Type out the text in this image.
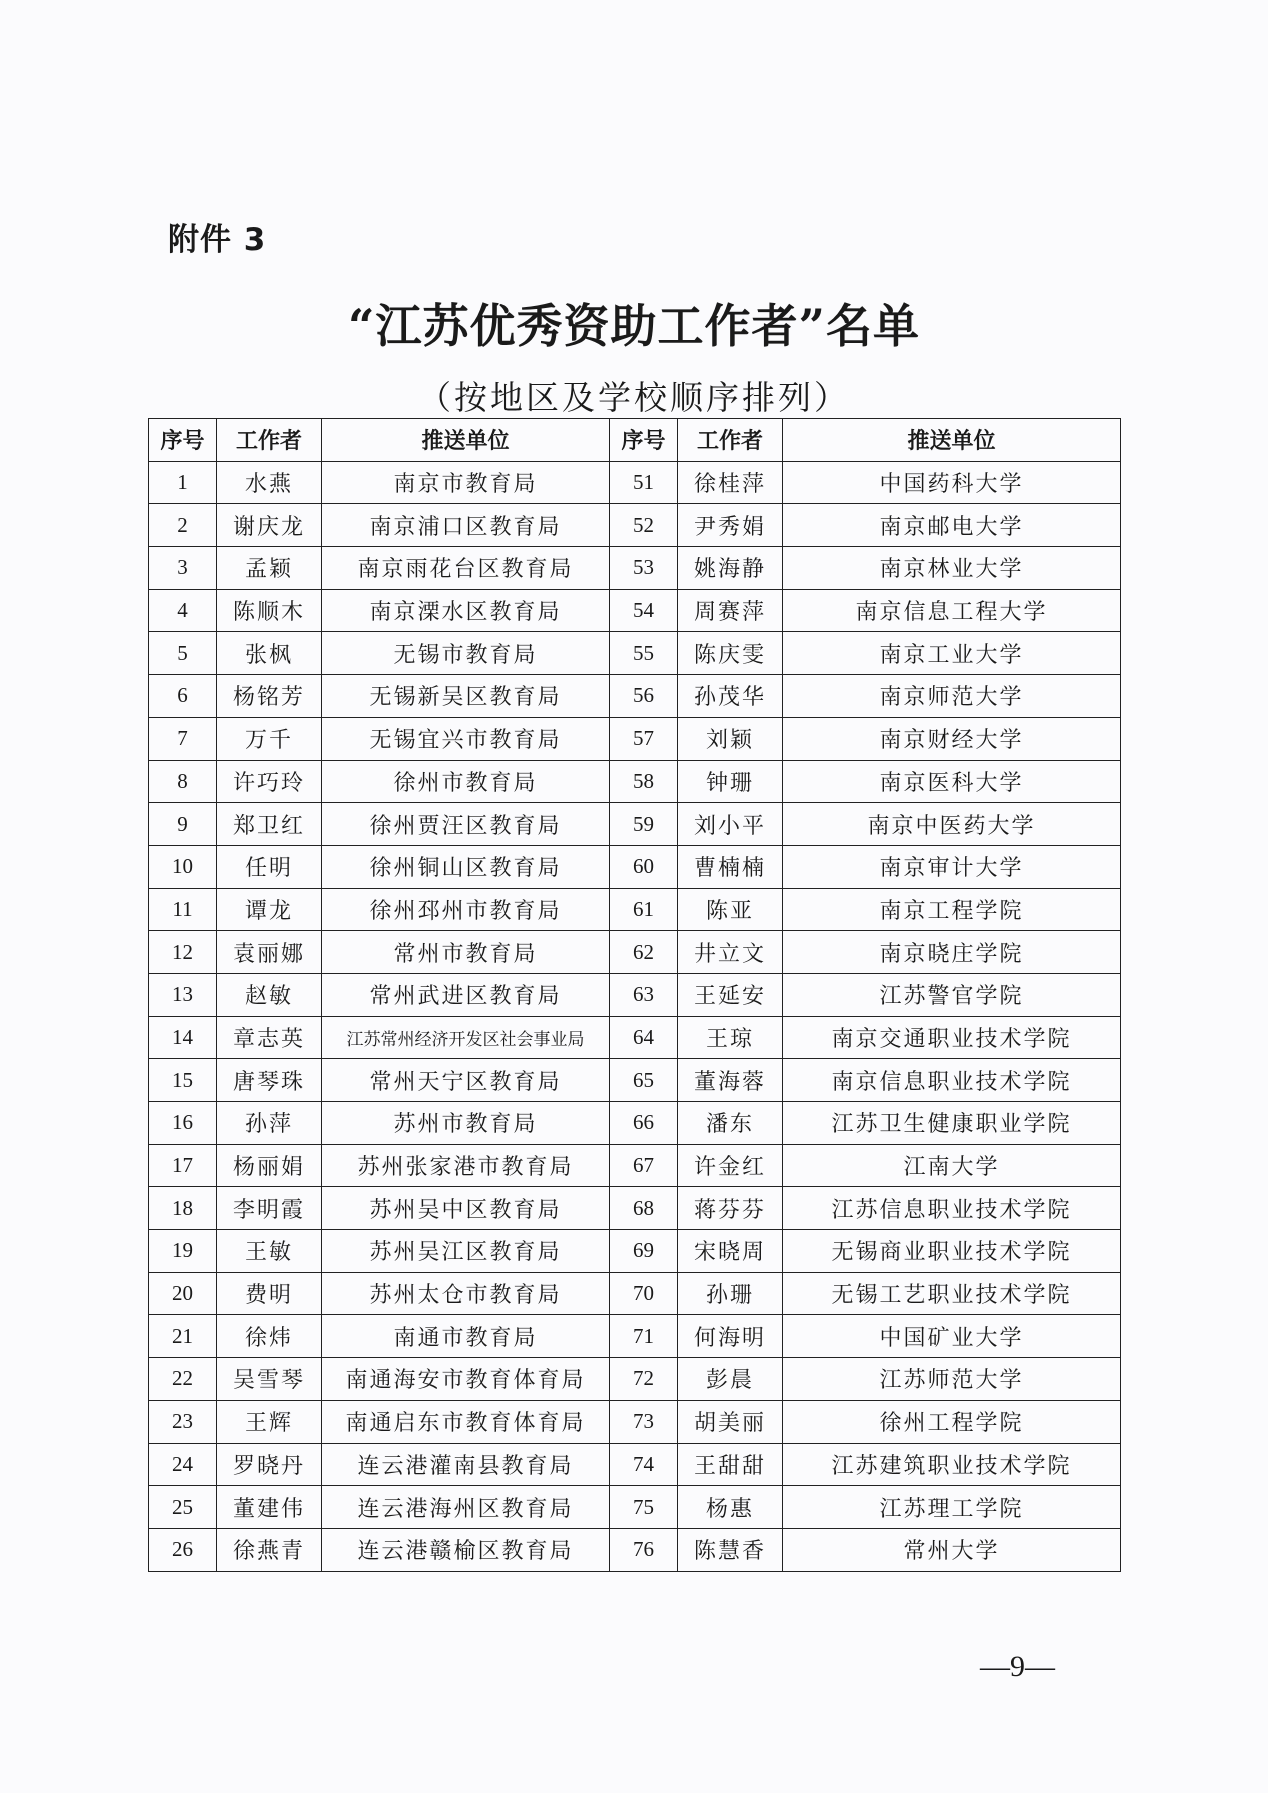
附件 3
“江苏优秀资助工作者”名单
（按地区及学校顺序排列）
序号	工作者	推送单位	序号	工作者	推送单位
1	水燕	南京市教育局	51	徐桂萍	中国药科大学
2	谢庆龙	南京浦口区教育局	52	尹秀娟	南京邮电大学
3	孟颖	南京雨花台区教育局	53	姚海静	南京林业大学
4	陈顺木	南京溧水区教育局	54	周赛萍	南京信息工程大学
5	张枫	无锡市教育局	55	陈庆雯	南京工业大学
6	杨铭芳	无锡新吴区教育局	56	孙茂华	南京师范大学
7	万千	无锡宜兴市教育局	57	刘颖	南京财经大学
8	许巧玲	徐州市教育局	58	钟珊	南京医科大学
9	郑卫红	徐州贾汪区教育局	59	刘小平	南京中医药大学
10	任明	徐州铜山区教育局	60	曹楠楠	南京审计大学
11	谭龙	徐州邳州市教育局	61	陈亚	南京工程学院
12	袁丽娜	常州市教育局	62	井立文	南京晓庄学院
13	赵敏	常州武进区教育局	63	王延安	江苏警官学院
14	章志英	江苏常州经济开发区社会事业局	64	王琼	南京交通职业技术学院
15	唐琴珠	常州天宁区教育局	65	董海蓉	南京信息职业技术学院
16	孙萍	苏州市教育局	66	潘东	江苏卫生健康职业学院
17	杨丽娟	苏州张家港市教育局	67	许金红	江南大学
18	李明霞	苏州吴中区教育局	68	蒋芬芬	江苏信息职业技术学院
19	王敏	苏州吴江区教育局	69	宋晓周	无锡商业职业技术学院
20	费明	苏州太仓市教育局	70	孙珊	无锡工艺职业技术学院
21	徐炜	南通市教育局	71	何海明	中国矿业大学
22	吴雪琴	南通海安市教育体育局	72	彭晨	江苏师范大学
23	王辉	南通启东市教育体育局	73	胡美丽	徐州工程学院
24	罗晓丹	连云港灌南县教育局	74	王甜甜	江苏建筑职业技术学院
25	董建伟	连云港海州区教育局	75	杨惠	江苏理工学院
26	徐燕青	连云港赣榆区教育局	76	陈慧香	常州大学
—9—
